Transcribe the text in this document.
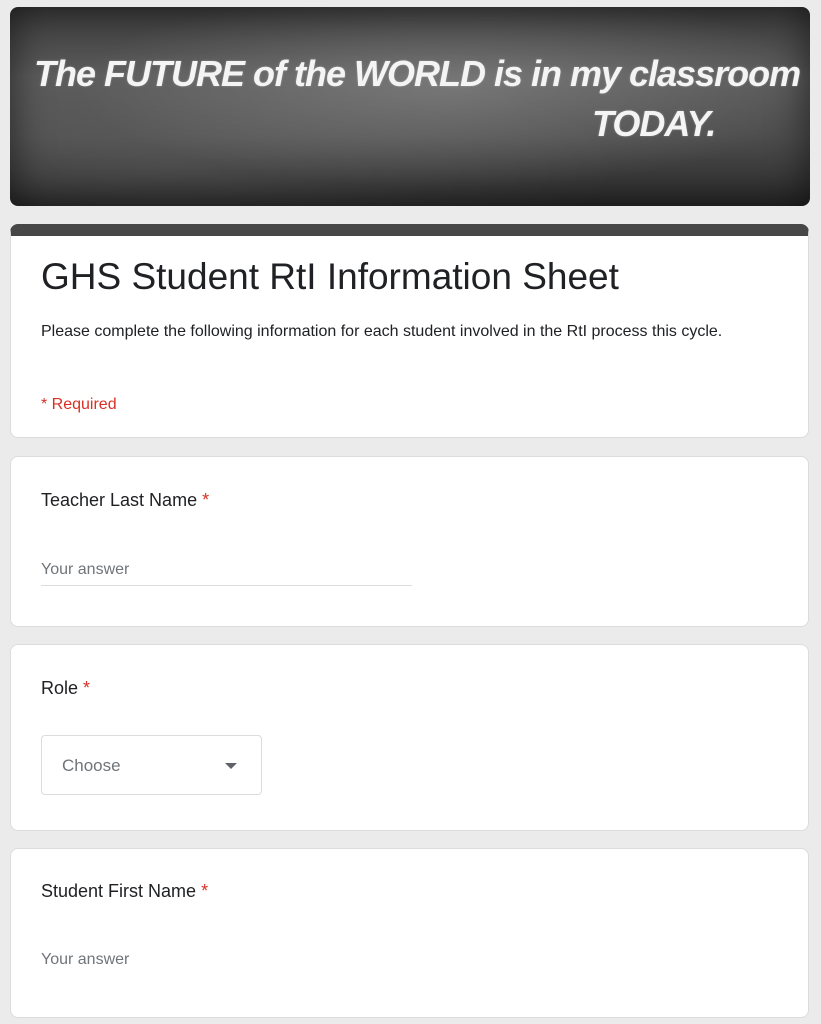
The FUTURE of the WORLD is in my classroom
TODAY.
GHS Student RtI Information Sheet
Please complete the following information for each student involved in the RtI process this cycle.
* Required
Teacher Last Name *
Your answer
Role *
Choose
Student First Name *
Your answer
